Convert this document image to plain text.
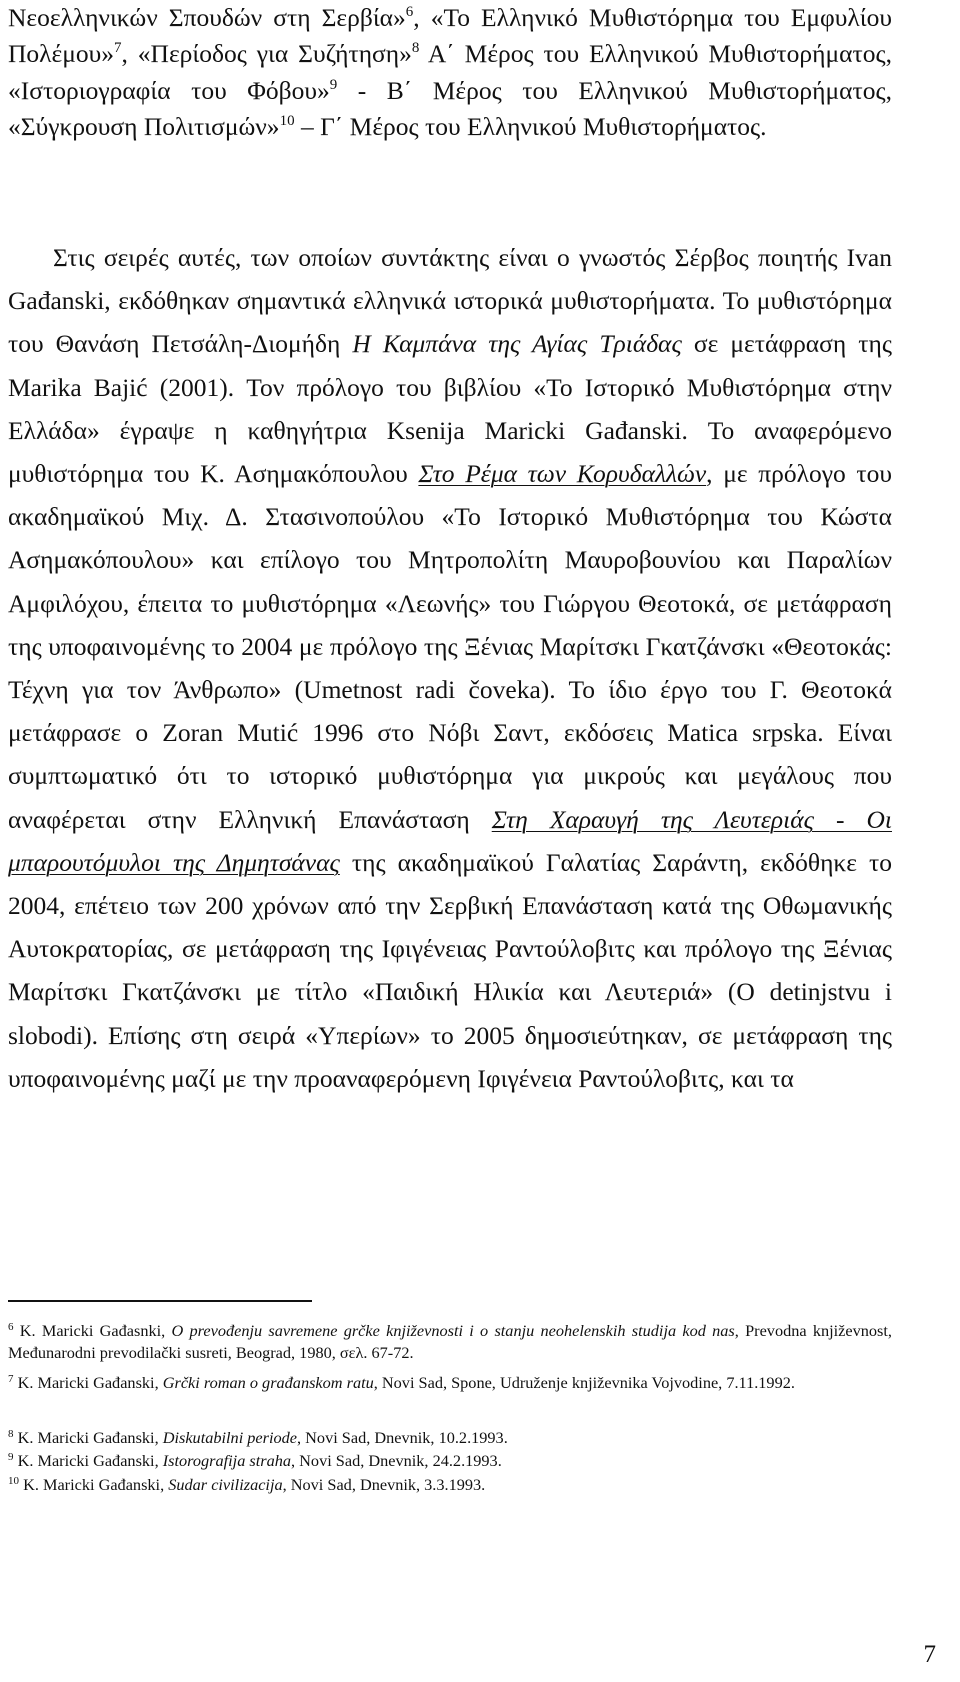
Νεοελληνικών Σπουδών στη Σερβία»$^6$, «Το Ελληνικό Μυθιστόρημα του Εμφυλίου Πολέμου»$^7$, «Περίοδος για Συζήτηση»$^8$ Α΄ Μέρος του Ελληνικού Μυθιστορήματος, «Ιστοριογραφία του Φόβου»$^9$ - Β΄ Μέρος του Ελληνικού Μυθιστορήματος, «Σύγκρουση Πολιτισμών»$^{10}$ – Γ΄ Μέρος του Ελληνικού Μυθιστορήματος.
Στις σειρές αυτές, των οποίων συντάκτης είναι ο γνωστός Σέρβος ποιητής Ivan Gađanski, εκδόθηκαν σημαντικά ελληνικά ιστορικά μυθιστορήματα. Το μυθιστόρημα του Θανάση Πετσάλη-Διομήδη Η Καμπάνα της Αγίας Τριάδας σε μετάφραση της Marika Bajić (2001). Τον πρόλογο του βιβλίου «Το Ιστορικό Μυθιστόρημα στην Ελλάδα» έγραψε η καθηγήτρια Ksenija Maricki Gađanski. Το αναφερόμενο μυθιστόρημα του Κ. Ασημακόπουλου Στο Ρέμα των Κορυδαλλών, με πρόλογο του ακαδημαϊκού Μιχ. Δ. Στασινοπούλου «Το Ιστορικό Μυθιστόρημα του Κώστα Ασημακόπουλου» και επίλογο του Μητροπολίτη Μαυροβουνίου και Παραλίων Αμφιλόχου, έπειτα το μυθιστόρημα «Λεωνής» του Γιώργου Θεοτοκά, σε μετάφραση της υποφαινομένης το 2004 με πρόλογο της Ξένιας Μαρίτσκι Γκατζάνσκι «Θεοτοκάς: Τέχνη για τον Άνθρωπο» (Umetnost radi čoveka). Το ίδιο έργο του Γ. Θεοτοκά μετάφρασε ο Zoran Mutić 1996 στο Νόβι Σαντ, εκδόσεις Matica srpska. Είναι συμπτωματικό ότι το ιστορικό μυθιστόρημα για μικρούς και μεγάλους που αναφέρεται στην Ελληνική Επανάσταση Στη Χαραυγή της Λευτεριάς - Οι μπαρουτόμυλοι της Δημητσάνας της ακαδημαϊκού Γαλατίας Σαράντη, εκδόθηκε το 2004, επέτειο των 200 χρόνων από την Σερβική Επανάσταση κατά της Οθωμανικής Αυτοκρατορίας, σε μετάφραση της Ιφιγένειας Ραντούλοβιτς και πρόλογο της Ξένιας Μαρίτσκι Γκατζάνσκι με τίτλο «Παιδική Ηλικία και Λευτεριά» (O detinjstvu i slobodi). Επίσης στη σειρά «Υπερίων» το 2005 δημοσιεύτηκαν, σε μετάφραση της υποφαινομένης μαζί με την προαναφερόμενη Ιφιγένεια Ραντούλοβιτς, και τα
$^6$ K. Maricki Gađasnki, O prevođenju savremene grčke književnosti i o stanju neohelenskih studija kod nas, Prevodna književnost, Međunarodni prevodilački susreti, Beograd, 1980, σελ. 67-72.
$^7$ K. Maricki Gađanski, Grčki roman o građanskom ratu, Novi Sad, Spone, Udruženje književnika Vojvodine, 7.11.1992.
$^8$ K. Maricki Gađanski, Diskutabilni periode, Novi Sad, Dnevnik, 10.2.1993.
$^9$ K. Maricki Gađanski, Istorografija straha, Novi Sad, Dnevnik, 24.2.1993.
$^{10}$ K. Maricki Gađanski, Sudar civilizacija, Novi Sad, Dnevnik, 3.3.1993.
7
